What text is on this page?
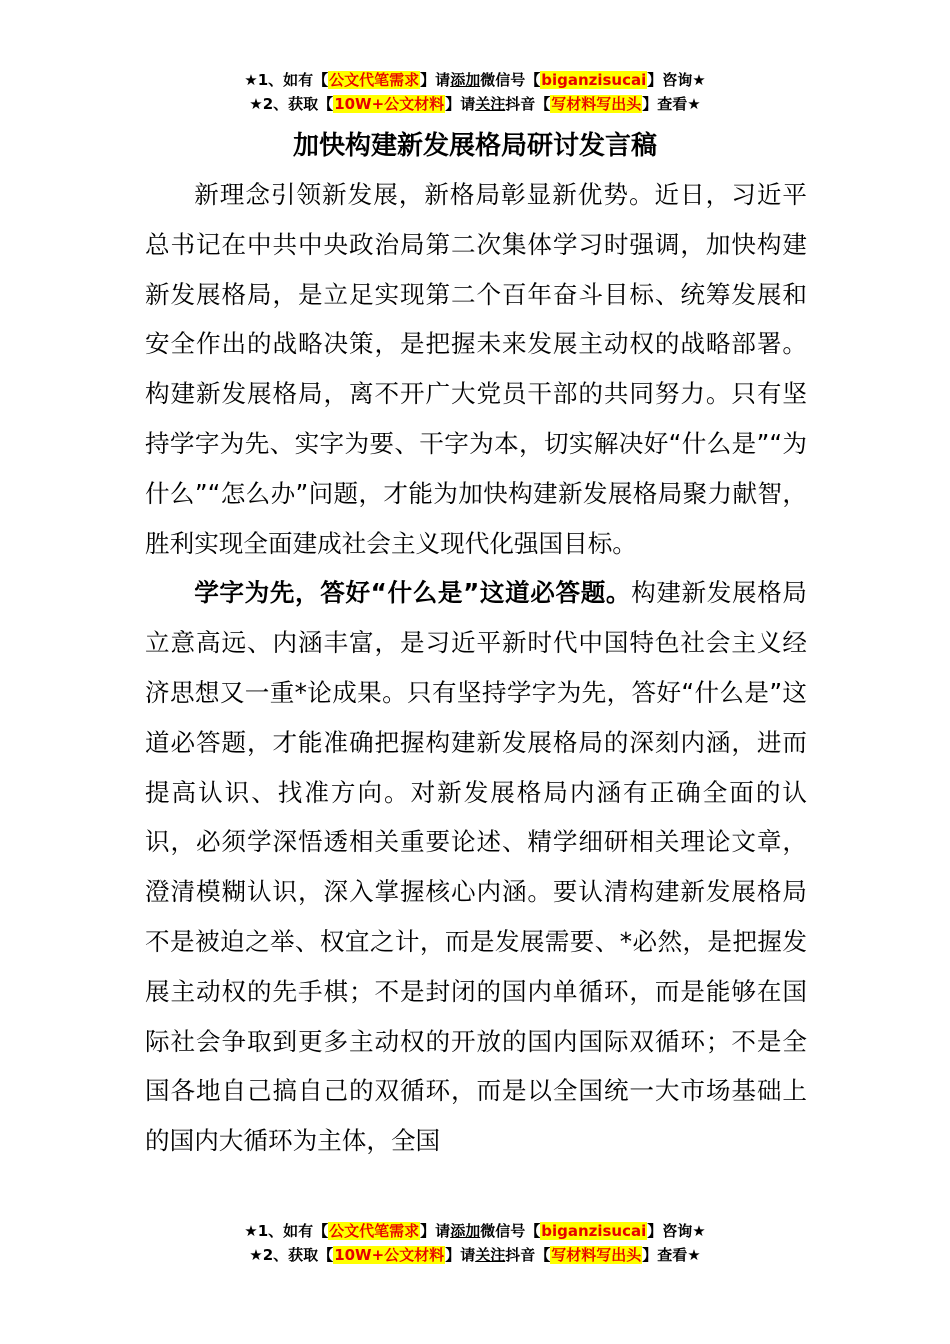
★1、如有【公文代笔需求】请添加微信号【biganzisucai】咨询★
★2、获取【10W+公文材料】请关注抖音【写材料写出头】查看★
加快构建新发展格局研讨发言稿

新理念引领新发展，新格局彰显新优势。近日，习近平总书记在中共中央政治局第二次集体学习时强调，加快构建新发展格局，是立足实现第二个百年奋斗目标、统筹发展和安全作出的战略决策，是把握未来发展主动权的战略部署。构建新发展格局，离不开广大党员干部的共同努力。只有坚持学字为先、实字为要、干字为本，切实解决好“什么是”“为什么”“怎么办”问题，才能为加快构建新发展格局聚力献智，胜利实现全面建成社会主义现代化强国目标。

学字为先，答好“什么是”这道必答题。构建新发展格局立意高远、内涵丰富，是习近平新时代中国特色社会主义经济思想又一重*论成果。只有坚持学字为先，答好“什么是”这道必答题，才能准确把握构建新发展格局的深刻内涵，进而提高认识、找准方向。对新发展格局内涵有正确全面的认识，必须学深悟透相关重要论述、精学细研相关理论文章，澄清模糊认识，深入掌握核心内涵。要认清构建新发展格局不是被迫之举、权宜之计，而是发展需要、*必然，是把握发展主动权的先手棋；不是封闭的国内单循环，而是能够在国际社会争取到更多主动权的开放的国内国际双循环；不是全国各地自己搞自己的双循环，而是以全国统一大市场基础上的国内大循环为主体，全国

★1、如有【公文代笔需求】请添加微信号【biganzisucai】咨询★
★2、获取【10W+公文材料】请关注抖音【写材料写出头】查看★
